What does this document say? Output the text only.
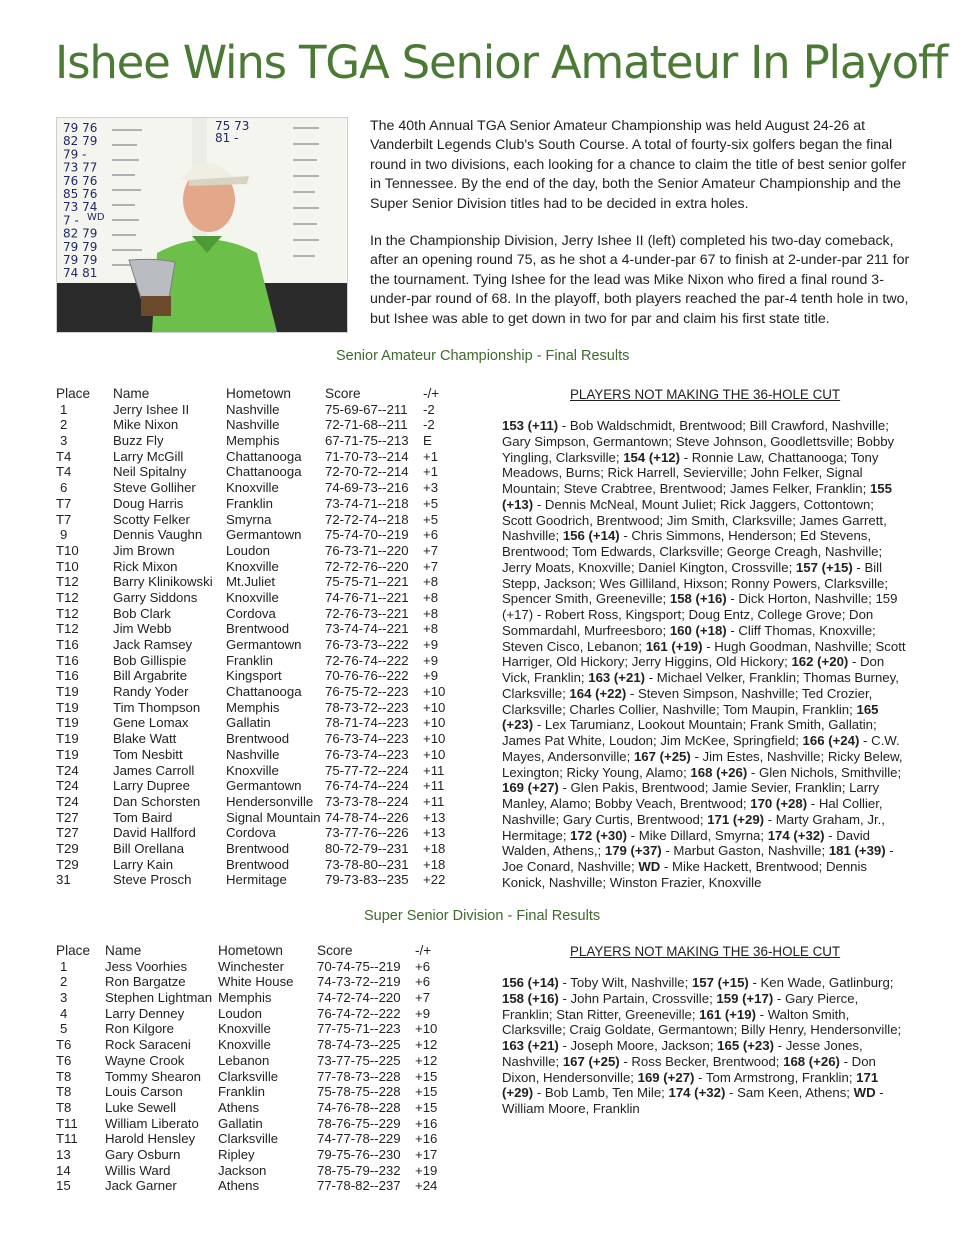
Ishee Wins TGA Senior Amateur In Playoff
79 76
82 79
79 -
73 77
76 76
85 76
73 74
7 -
82 79
79 79
79 79
74 81
WD
75 73
81 -

The 40th Annual TGA Senior Amateur Championship was held August 24-26 at Vanderbilt Legends Club's South Course. A total of fourty-six golfers began the final round in two divisions, each looking for a chance to claim the title of best senior golfer in Tennessee. By the end of the day, both the Senior Amateur Championship and the Super Senior Division titles had to be decided in extra holes.

In the Championship Division, Jerry Ishee II (left) completed his two-day comeback, after an opening round 75, as he shot a 4-under-par 67 to finish at 2-under-par 211 for the tournament. Tying Ishee for the lead was Mike Nixon who fired a final round 3-under-par round of 68. In the playoff, both players reached the par-4 tenth hole in two, but Ishee was able to get down in two for par and claim his first state title.

Senior Amateur Championship - Final Results
Place	Name	Hometown	Score	-/+
1	Jerry Ishee II	Nashville	75-69-67--211	-2
2	Mike Nixon	Nashville	72-71-68--211	-2
3	Buzz Fly	Memphis	67-71-75--213	E
T4	Larry McGill	Chattanooga	71-70-73--214	+1
T4	Neil Spitalny	Chattanooga	72-70-72--214	+1
6	Steve Golliher	Knoxville	74-69-73--216	+3
T7	Doug Harris	Franklin	73-74-71--218	+5
T7	Scotty Felker	Smyrna	72-72-74--218	+5
9	Dennis Vaughn	Germantown	75-74-70--219	+6
T10	Jim Brown	Loudon	76-73-71--220	+7
T10	Rick Mixon	Knoxville	72-72-76--220	+7
T12	Barry Klinikowski	Mt.Juliet	75-75-71--221	+8
T12	Garry Siddons	Knoxville	74-76-71--221	+8
T12	Bob Clark	Cordova	72-76-73--221	+8
T12	Jim Webb	Brentwood	73-74-74--221	+8
T16	Jack Ramsey	Germantown	76-73-73--222	+9
T16	Bob Gillispie	Franklin	72-76-74--222	+9
T16	Bill Argabrite	Kingsport	70-76-76--222	+9
T19	Randy Yoder	Chattanooga	76-75-72--223	+10
T19	Tim Thompson	Memphis	78-73-72--223	+10
T19	Gene Lomax	Gallatin	78-71-74--223	+10
T19	Blake Watt	Brentwood	76-73-74--223	+10
T19	Tom Nesbitt	Nashville	76-73-74--223	+10
T24	James Carroll	Knoxville	75-77-72--224	+11
T24	Larry Dupree	Germantown	76-74-74--224	+11
T24	Dan Schorsten	Hendersonville 73-73-78--224	+11
T27	Tom Baird	Signal Mountain 74-78-74--226	+13
T27	David Hallford	Cordova	73-77-76--226	+13
T29	Bill Orellana	Brentwood	80-72-79--231	+18
T29	Larry Kain	Brentwood	73-78-80--231	+18
31	Steve Prosch	Hermitage	79-73-83--235	+22
PLAYERS NOT MAKING THE 36-HOLE CUT

153 (+11) - Bob Waldschmidt, Brentwood; Bill Crawford, Nashville; Gary Simpson, Germantown; Steve Johnson, Goodlettsville; Bobby Yingling, Clarksville; 154 (+12) - Ronnie Law, Chattanooga; Tony Meadows, Burns; Rick Harrell, Sevierville; John Felker, Signal Mountain; Steve Crabtree, Brentwood; James Felker, Franklin; 155 (+13) - Dennis McNeal, Mount Juliet; Rick Jaggers, Cottontown; Scott Goodrich, Brentwood; Jim Smith, Clarksville; James Garrett, Nashville; 156 (+14) - Chris Simmons, Henderson; Ed Stevens, Brentwood; Tom Edwards, Clarksville; George Creagh, Nashville; Jerry Moats, Knoxville; Daniel Kington, Crossville; 157 (+15) - Bill Stepp, Jackson; Wes Gilliland, Hixson; Ronny Powers, Clarksville; Spencer Smith, Greeneville; 158 (+16) - Dick Horton, Nashville; 159 (+17) - Robert Ross, Kingsport; Doug Entz, College Grove; Don Sommardahl, Murfreesboro; 160 (+18) - Cliff Thomas, Knoxville; Steven Cisco, Lebanon; 161 (+19) - Hugh Goodman, Nashville; Scott Harriger, Old Hickory; Jerry Higgins, Old Hickory; 162 (+20) - Don Vick, Franklin; 163 (+21) - Michael Velker, Franklin; Thomas Burney, Clarksville; 164 (+22) - Steven Simpson, Nashville; Ted Crozier, Clarksville; Charles Collier, Nashville; Tom Maupin, Franklin; 165 (+23) - Lex Tarumianz, Lookout Mountain; Frank Smith, Gallatin; James Pat White, Loudon; Jim McKee, Springfield; 166 (+24) - C.W. Mayes, Andersonville; 167 (+25) - Jim Estes, Nashville; Ricky Belew, Lexington; Ricky Young, Alamo; 168 (+26) - Glen Nichols, Smithville; 169 (+27) - Glen Pakis, Brentwood; Jamie Sevier, Franklin; Larry Manley, Alamo; Bobby Veach, Brentwood; 170 (+28) - Hal Collier, Nashville; Gary Curtis, Brentwood; 171 (+29) - Marty Graham, Jr., Hermitage; 172 (+30) - Mike Dillard, Smyrna; 174 (+32) - David Walden, Athens,; 179 (+37) - Marbut Gaston, Nashville; 181 (+39) - Joe Conard, Nashville; WD - Mike Hackett, Brentwood; Dennis Konick, Nashville; Winston Frazier, Knoxville

Super Senior Division - Final Results
Place	Name	Hometown	Score	-/+
1	Jess Voorhies	Winchester	70-74-75--219	+6
2	Ron Bargatze	White House	74-73-72--219	+6
3	Stephen Lightman Memphis	74-72-74--220	+7
4	Larry Denney	Loudon	76-74-72--222	+9
5	Ron Kilgore	Knoxville	77-75-71--223	+10
T6	Rock Saraceni	Knoxville	78-74-73--225	+12
T6	Wayne Crook	Lebanon	73-77-75--225	+12
T8	Tommy Shearon	Clarksville	77-78-73--228	+15
T8	Louis Carson	Franklin	75-78-75--228	+15
T8	Luke Sewell	Athens	74-76-78--228	+15
T11	William Liberato	Gallatin	78-76-75--229	+16
T11	Harold Hensley	Clarksville	74-77-78--229	+16
13	Gary Osburn	Ripley	79-75-76--230	+17
14	Willis Ward	Jackson	78-75-79--232	+19
15	Jack Garner	Athens	77-78-82--237	+24
PLAYERS NOT MAKING THE 36-HOLE CUT

156 (+14) - Toby Wilt, Nashville; 157 (+15) - Ken Wade, Gatlinburg; 158 (+16) - John Partain, Crossville; 159 (+17) - Gary Pierce, Franklin; Stan Ritter, Greeneville; 161 (+19) - Walton Smith, Clarksville; Craig Goldate, Germantown; Billy Henry, Hendersonville; 163 (+21) - Joseph Moore, Jackson; 165 (+23) - Jesse Jones, Nashville; 167 (+25) - Ross Becker, Brentwood; 168 (+26) - Don Dixon, Hendersonville; 169 (+27) - Tom Armstrong, Franklin; 171 (+29) - Bob Lamb, Ten Mile; 174 (+32) - Sam Keen, Athens; WD - William Moore, Franklin
